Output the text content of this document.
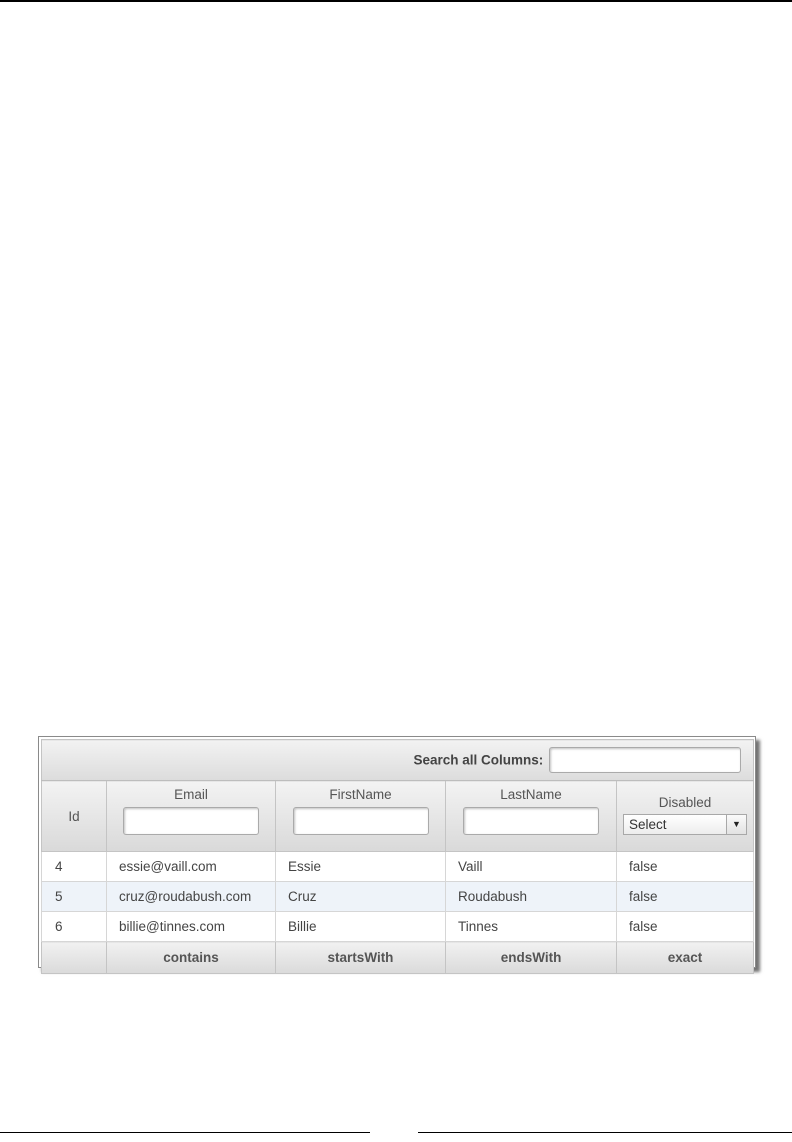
Search all Columns:				
Id	Email	FirstName	LastName	Disabled
Select ▼

4	essie@vaill.com	Essie	Vaill	false
5	cruz@roudabush.com	Cruz	Roudabush	false
6	billie@tinnes.com	Billie	Tinnes	false
	contains	startsWith	endsWith	exact
